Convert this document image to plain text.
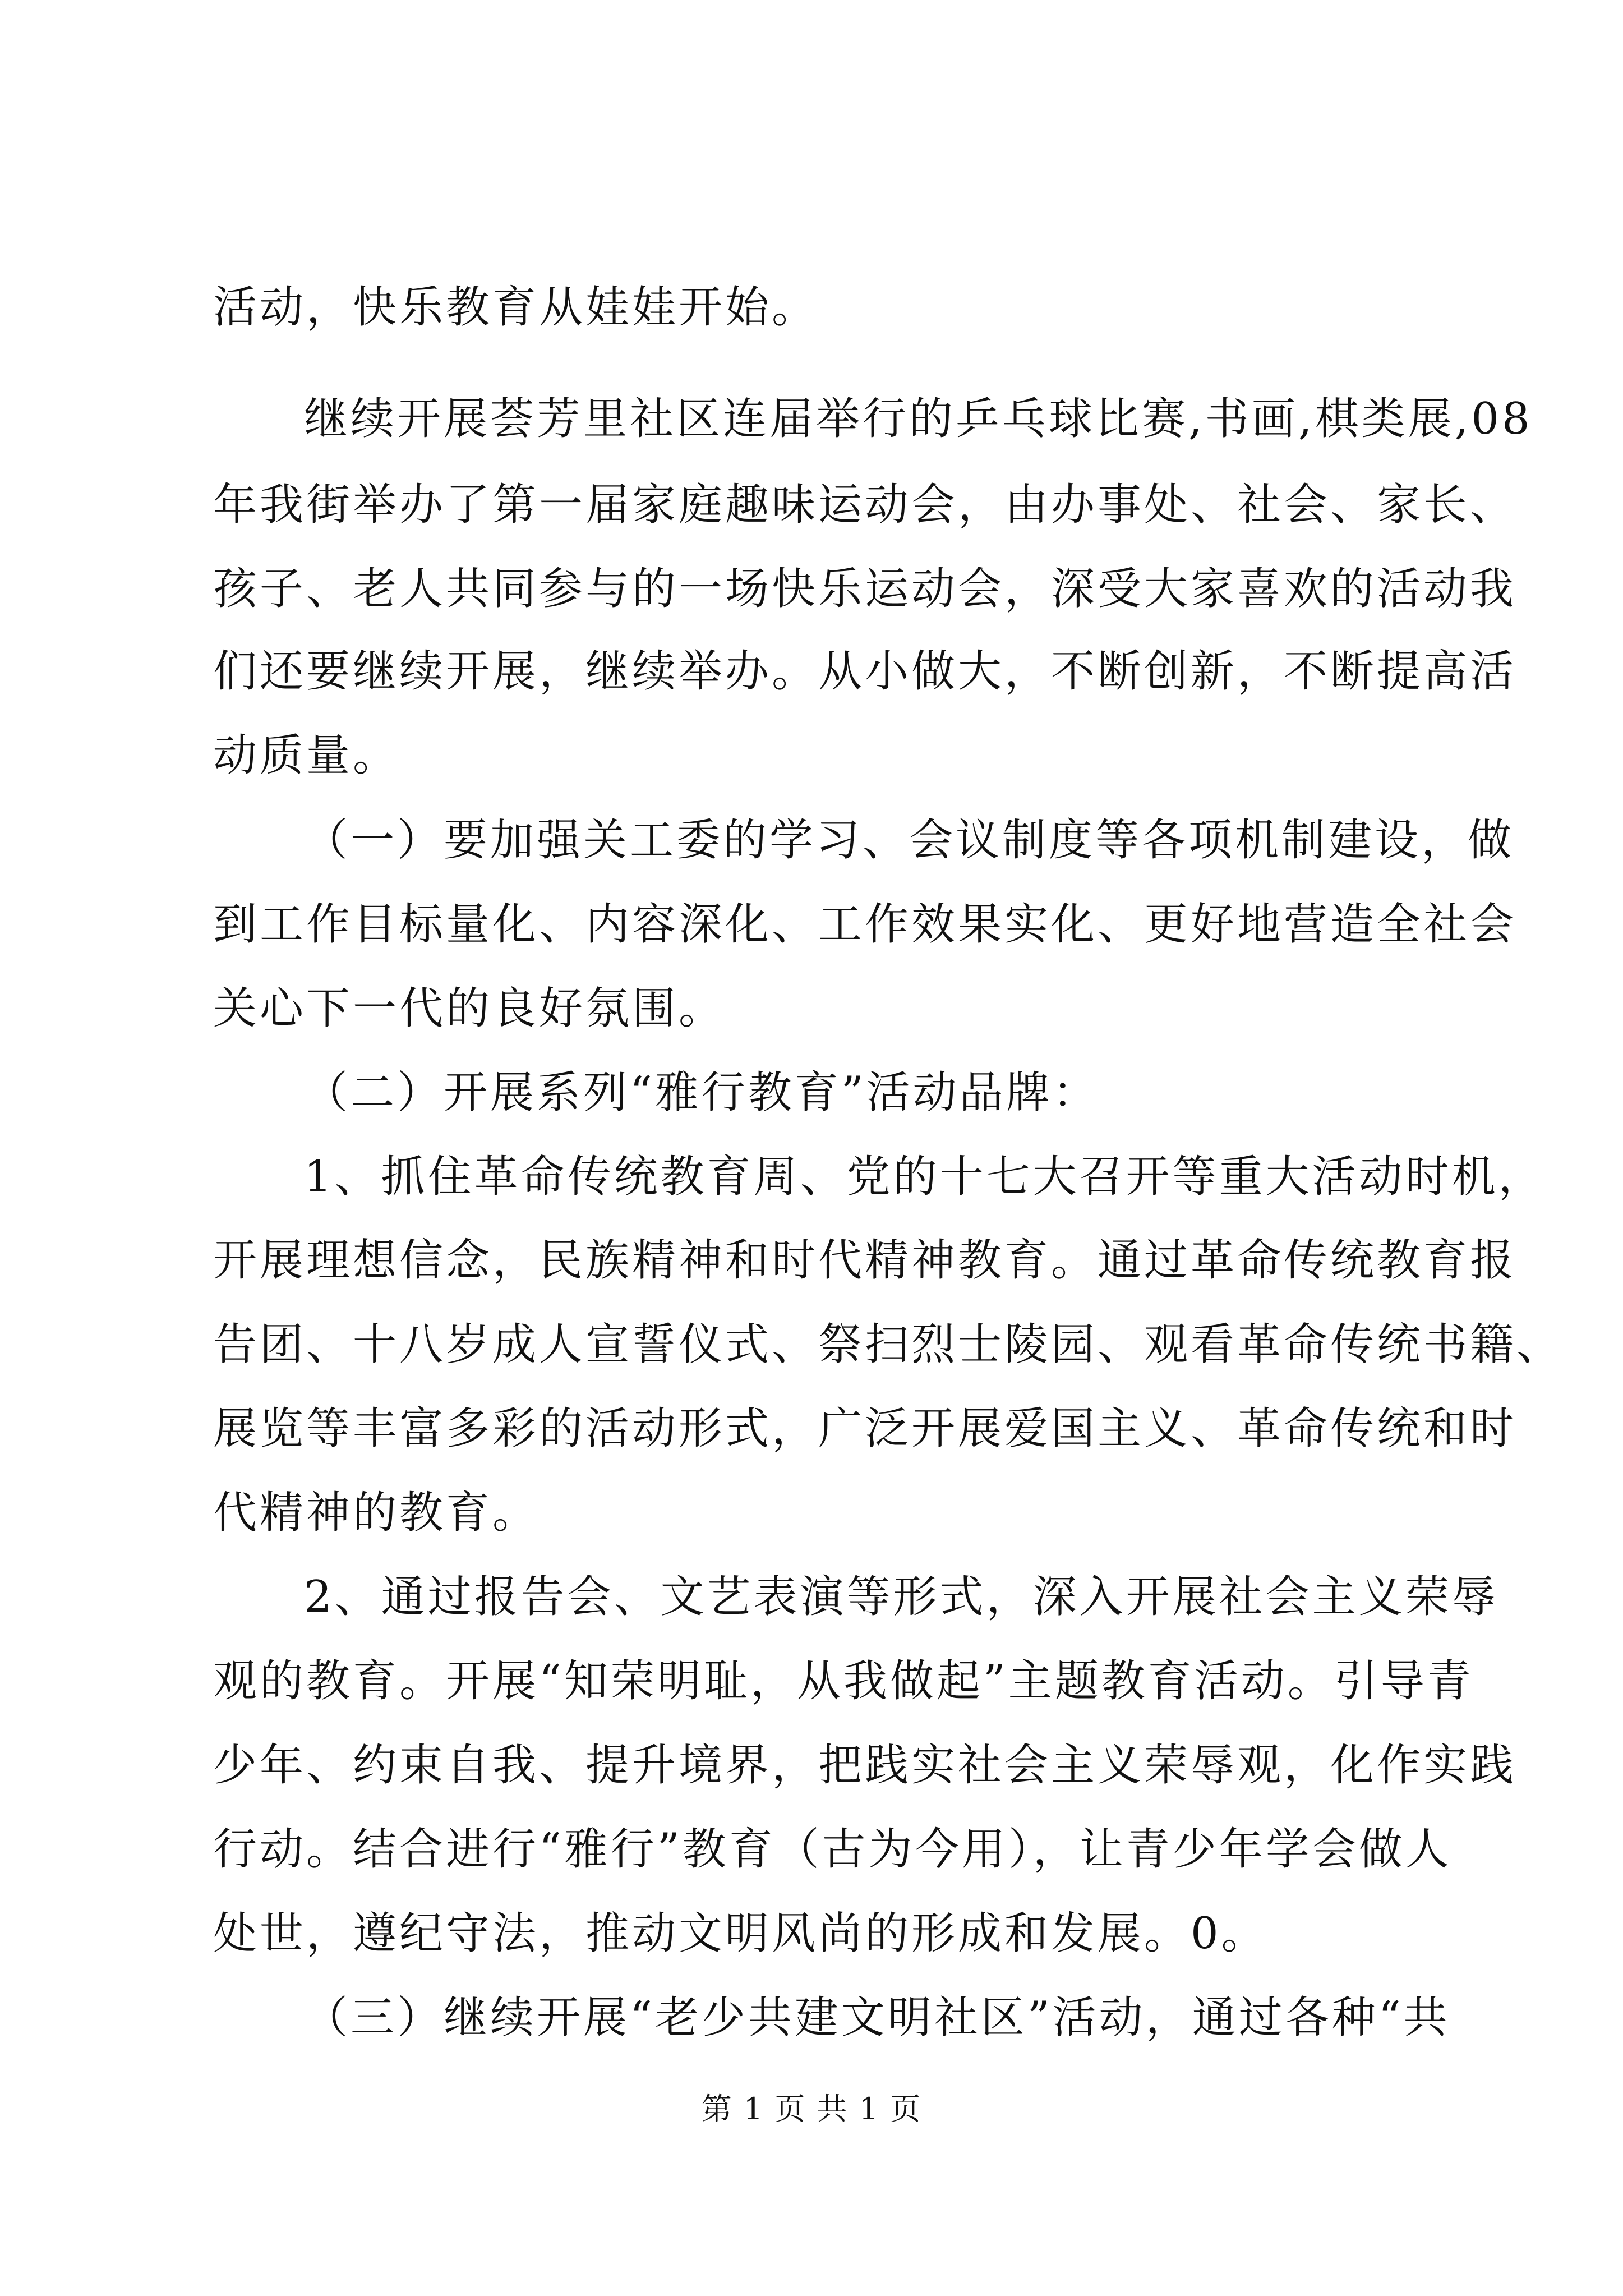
活动，快乐教育从娃娃开始。
继续开展荟芳里社区连届举行的乒乓球比赛,书画,棋类展,08
年我街举办了第一届家庭趣味运动会，由办事处、社会、家长、
孩子、老人共同参与的一场快乐运动会，深受大家喜欢的活动我
们还要继续开展，继续举办。从小做大，不断创新，不断提高活
动质量。
（一）要加强关工委的学习、会议制度等各项机制建设，做
到工作目标量化、内容深化、工作效果实化、更好地营造全社会
关心下一代的良好氛围。
（二）开展系列“雅行教育”活动品牌：
1、抓住革命传统教育周、党的十七大召开等重大活动时机，
开展理想信念，民族精神和时代精神教育。通过革命传统教育报
告团、十八岁成人宣誓仪式、祭扫烈士陵园、观看革命传统书籍、
展览等丰富多彩的活动形式，广泛开展爱国主义、革命传统和时
代精神的教育。
2、通过报告会、文艺表演等形式，深入开展社会主义荣辱
观的教育。开展“知荣明耻，从我做起”主题教育活动。引导青
少年、约束自我、提升境界，把践实社会主义荣辱观，化作实践
行动。结合进行“雅行”教育（古为今用），让青少年学会做人
处世，遵纪守法，推动文明风尚的形成和发展。0。
（三）继续开展“老少共建文明社区”活动，通过各种“共
第 1 页 共 1 页
